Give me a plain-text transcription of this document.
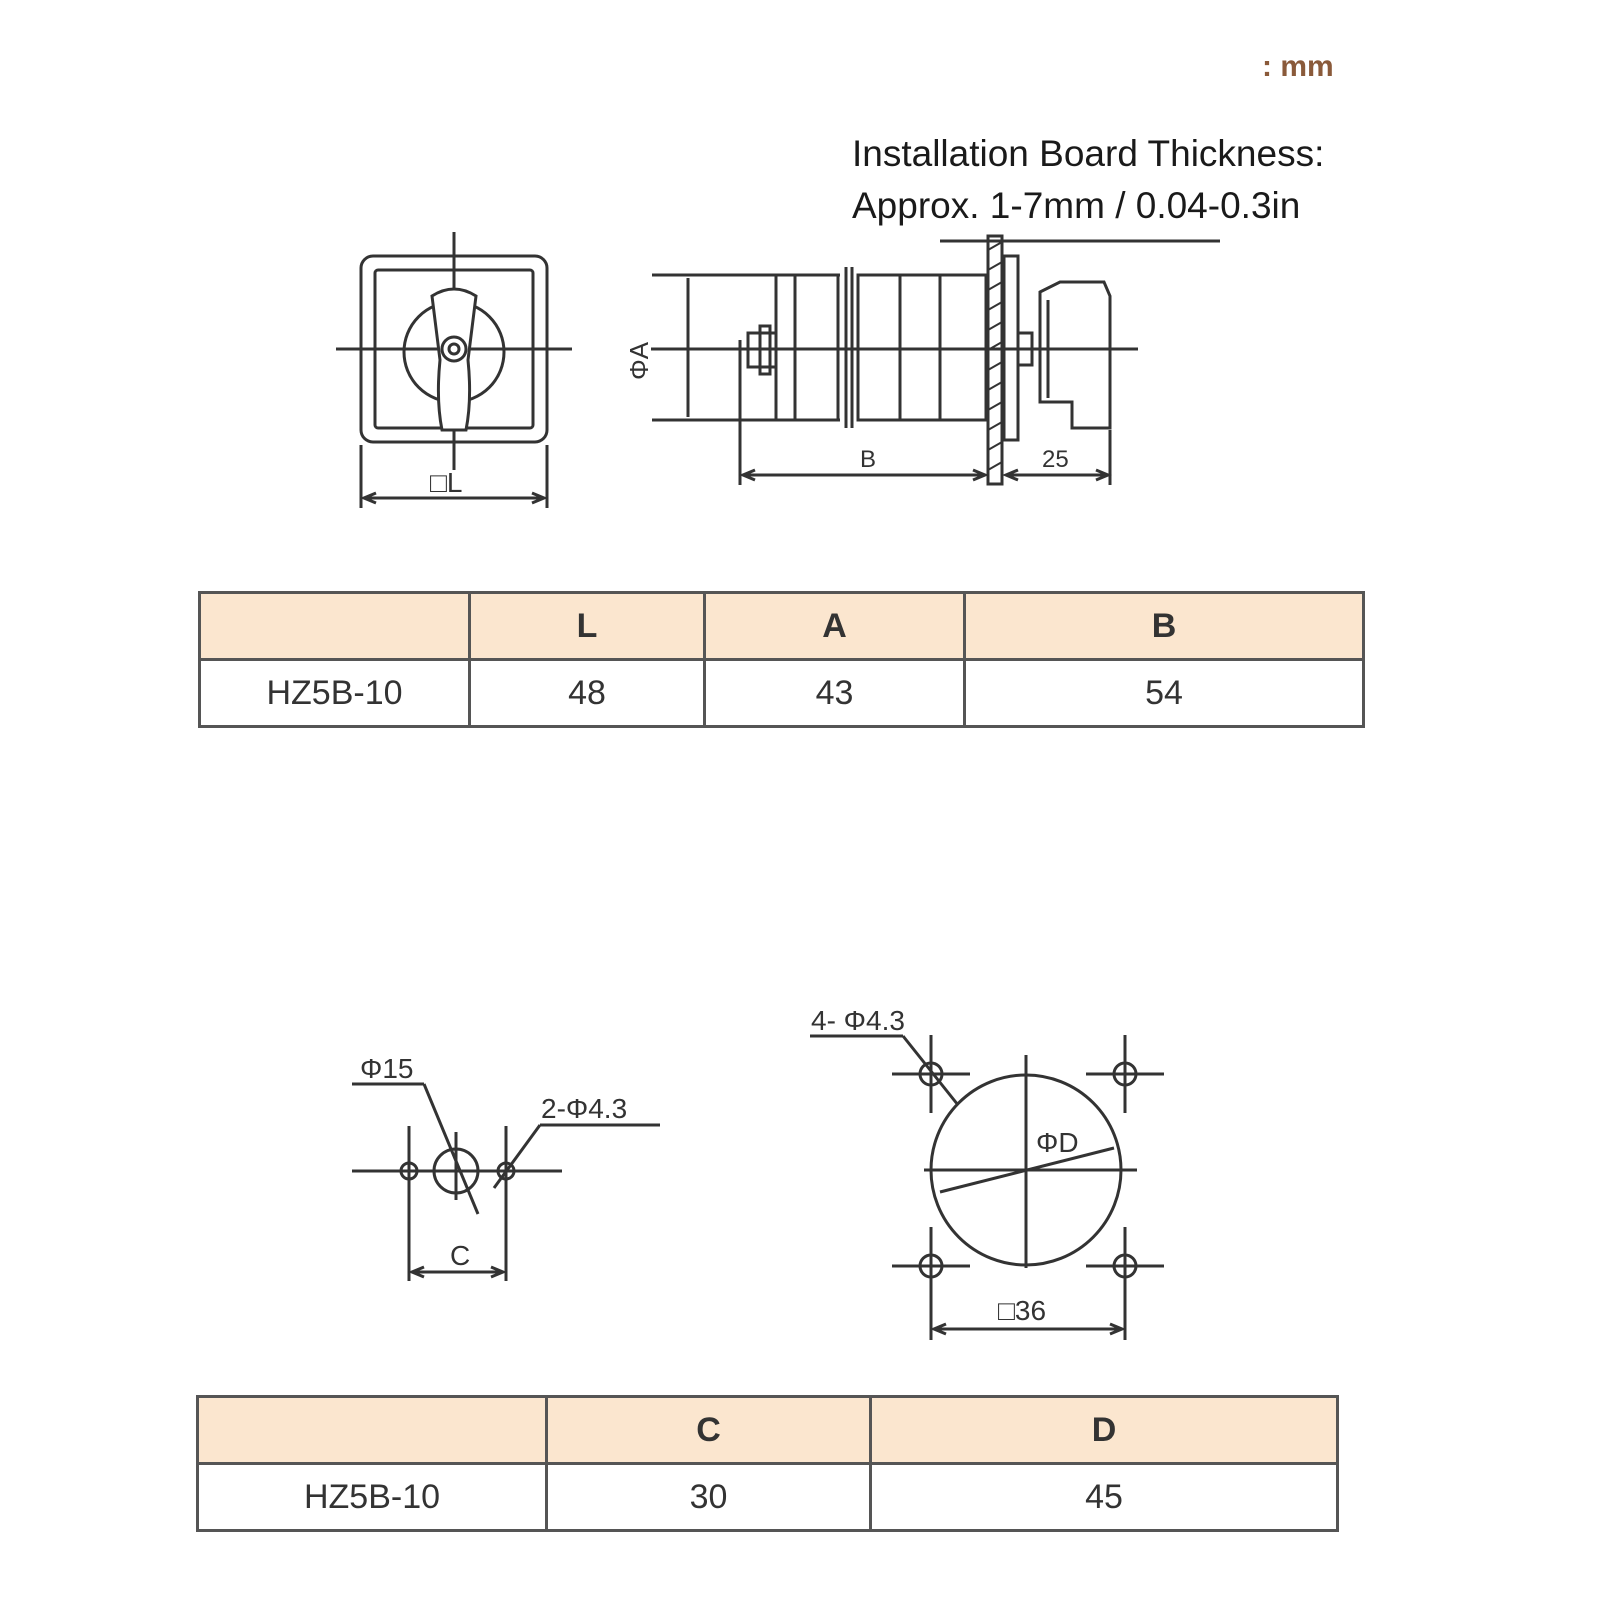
: mm
Installation Board Thickness:
Approx. 1-7mm / 0.04-0.3in
□L
ΦA
B	25
Φ15
2-Φ4.3
C
4- Φ4.3
ΦD
□36
	L	A	B
HZ5B-10	48	43	54
	C	D
HZ5B-10	30	45
